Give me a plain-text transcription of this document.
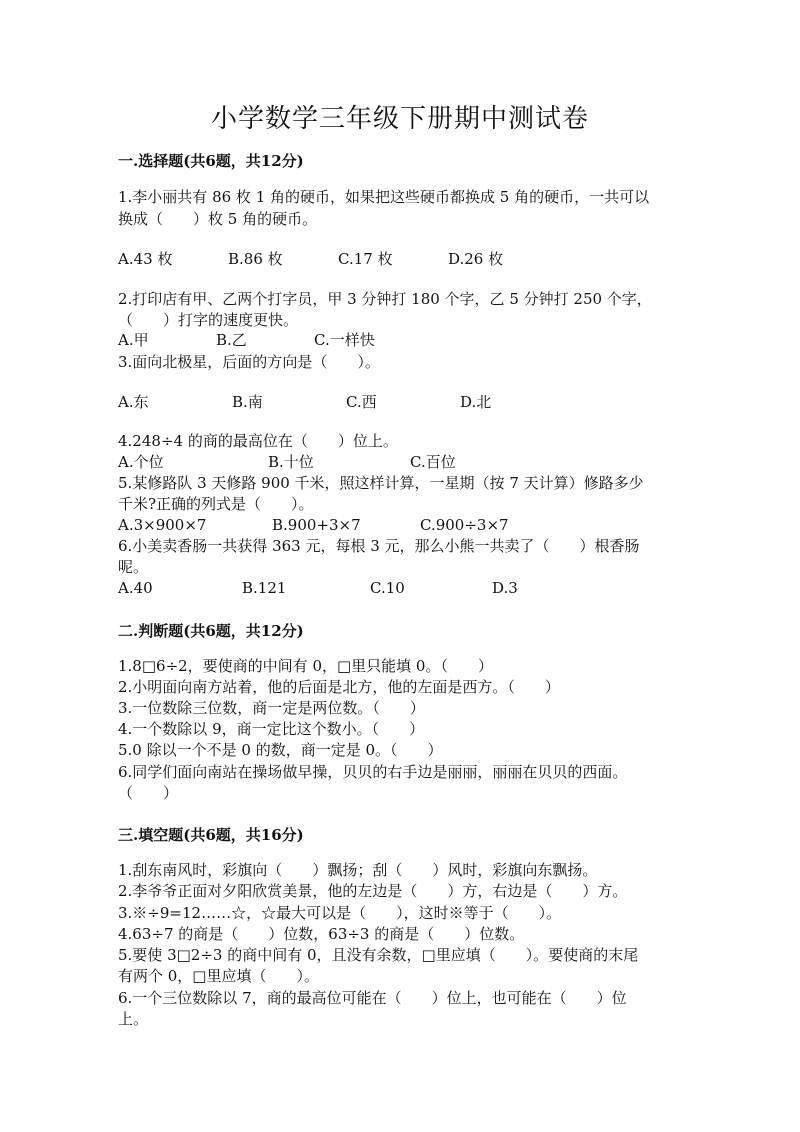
小学数学三年级下册期中测试卷
一.选择题(共6题，共12分)
1.李小丽共有 86 枚 1 角的硬币，如果把这些硬币都换成 5 角的硬币，一共可以
换成（　　）枚 5 角的硬币。
A.43 枚	B.86 枚	C.17 枚	D.26 枚
2.打印店有甲、乙两个打字员，甲 3 分钟打 180 个字，乙 5 分钟打 250 个字，
（　　）打字的速度更快。
A.甲	B.乙	C.一样快
3.面向北极星，后面的方向是（　　）。
A.东	B.南	C.西	D.北
4.248÷4 的商的最高位在（　　）位上。
A.个位	B.十位	C.百位
5.某修路队 3 天修路 900 千米，照这样计算，一星期（按 7 天计算）修路多少
千米?正确的列式是（　　）。
A.3×900×7	B.900+3×7	C.900÷3×7
6.小美卖香肠一共获得 363 元，每根 3 元，那么小熊一共卖了（　　）根香肠
呢。
A.40	B.121	C.10	D.3
二.判断题(共6题，共12分)
1.8□6÷2，要使商的中间有 0，□里只能填 0。（　　）
2.小明面向南方站着，他的后面是北方，他的左面是西方。（　　）
3.一位数除三位数，商一定是两位数。（　　）
4.一个数除以 9，商一定比这个数小。（　　）
5.0 除以一个不是 0 的数，商一定是 0。（　　）
6.同学们面向南站在操场做早操，贝贝的右手边是丽丽，丽丽在贝贝的西面。
（　　）
三.填空题(共6题，共16分)
1.刮东南风时，彩旗向（　　）飘扬；刮（　　）风时，彩旗向东飘扬。
2.李爷爷正面对夕阳欣赏美景，他的左边是（　　）方，右边是（　　）方。
3.※÷9=12……☆，☆最大可以是（　　），这时※等于（　　）。
4.63÷7 的商是（　　）位数，63÷3 的商是（　　）位数。
5.要使 3□2÷3 的商中间有 0，且没有余数，□里应填（　　）。要使商的末尾
有两个 0，□里应填（　　）。
6.一个三位数除以 7，商的最高位可能在（　　）位上，也可能在（　　）位
上。
